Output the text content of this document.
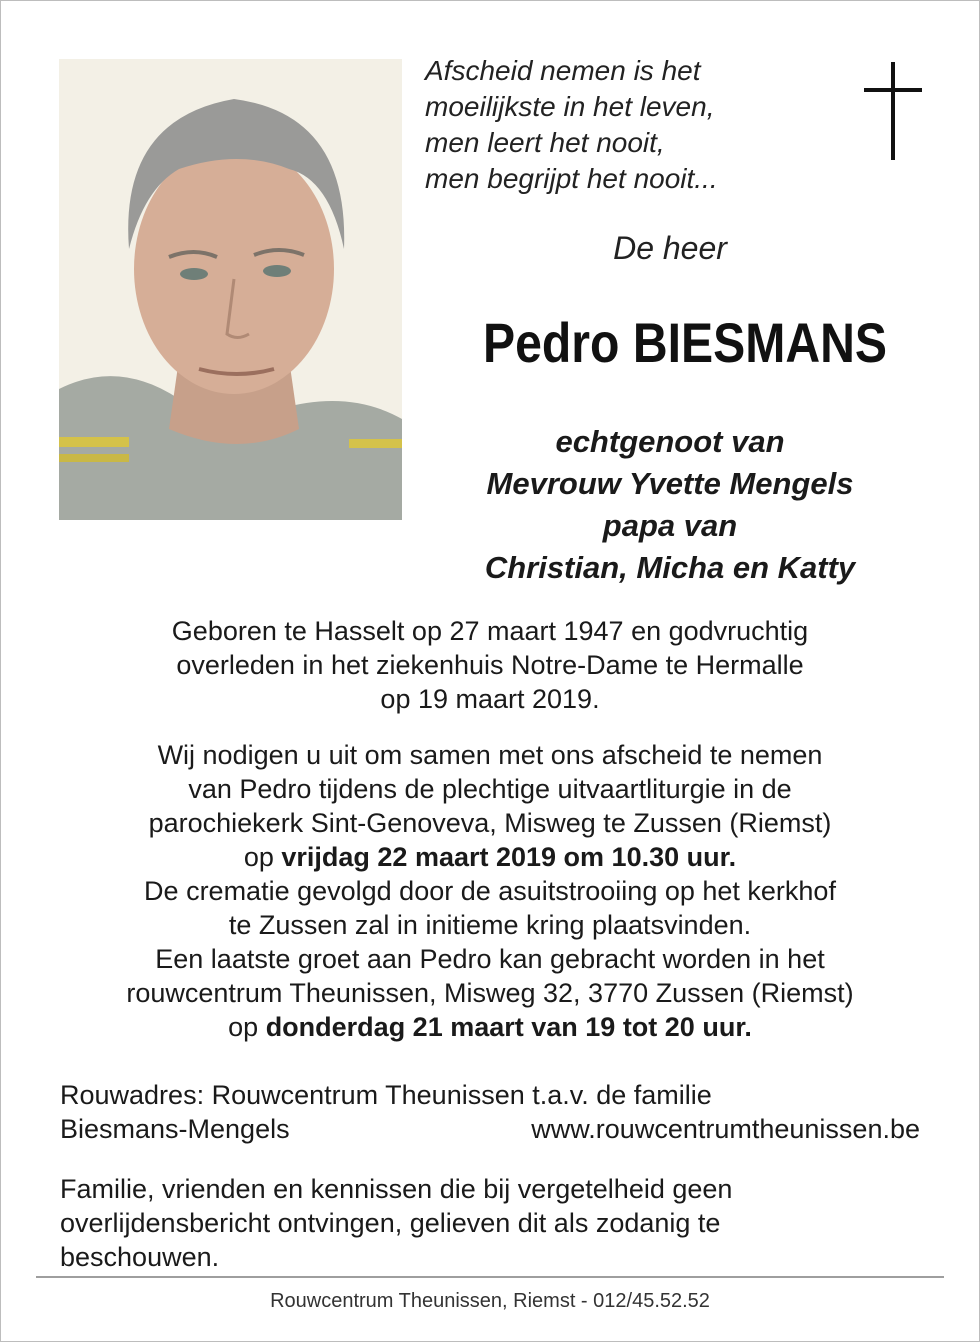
Afscheid nemen is het
moeilijkste in het leven,
men leert het nooit,
men begrijpt het nooit...
De heer
Pedro BIESMANS
echtgenoot van
Mevrouw Yvette Mengels
papa van
Christian, Micha en Katty
Geboren te Hasselt op 27 maart 1947 en godvruchtig
overleden in het ziekenhuis Notre-Dame te Hermalle
op 19 maart 2019.
Wij nodigen u uit om samen met ons afscheid te nemen
van Pedro tijdens de plechtige uitvaartliturgie in de
parochiekerk Sint-Genoveva, Misweg te Zussen (Riemst)
op vrijdag 22 maart 2019 om 10.30 uur.
De crematie gevolgd door de asuitstrooiing op het kerkhof
te Zussen zal in initieme kring plaatsvinden.
Een laatste groet aan Pedro kan gebracht worden in het
rouwcentrum Theunissen, Misweg 32, 3770 Zussen (Riemst)
op donderdag 21 maart van 19 tot 20 uur.
Rouwadres: Rouwcentrum Theunissen t.a.v. de familie
Biesmans-Mengels	www.rouwcentrumtheunissen.be
Familie, vrienden en kennissen die bij vergetelheid geen
overlijdensbericht ontvingen, gelieven dit als zodanig te
beschouwen.
Rouwcentrum Theunissen, Riemst - 012/45.52.52
